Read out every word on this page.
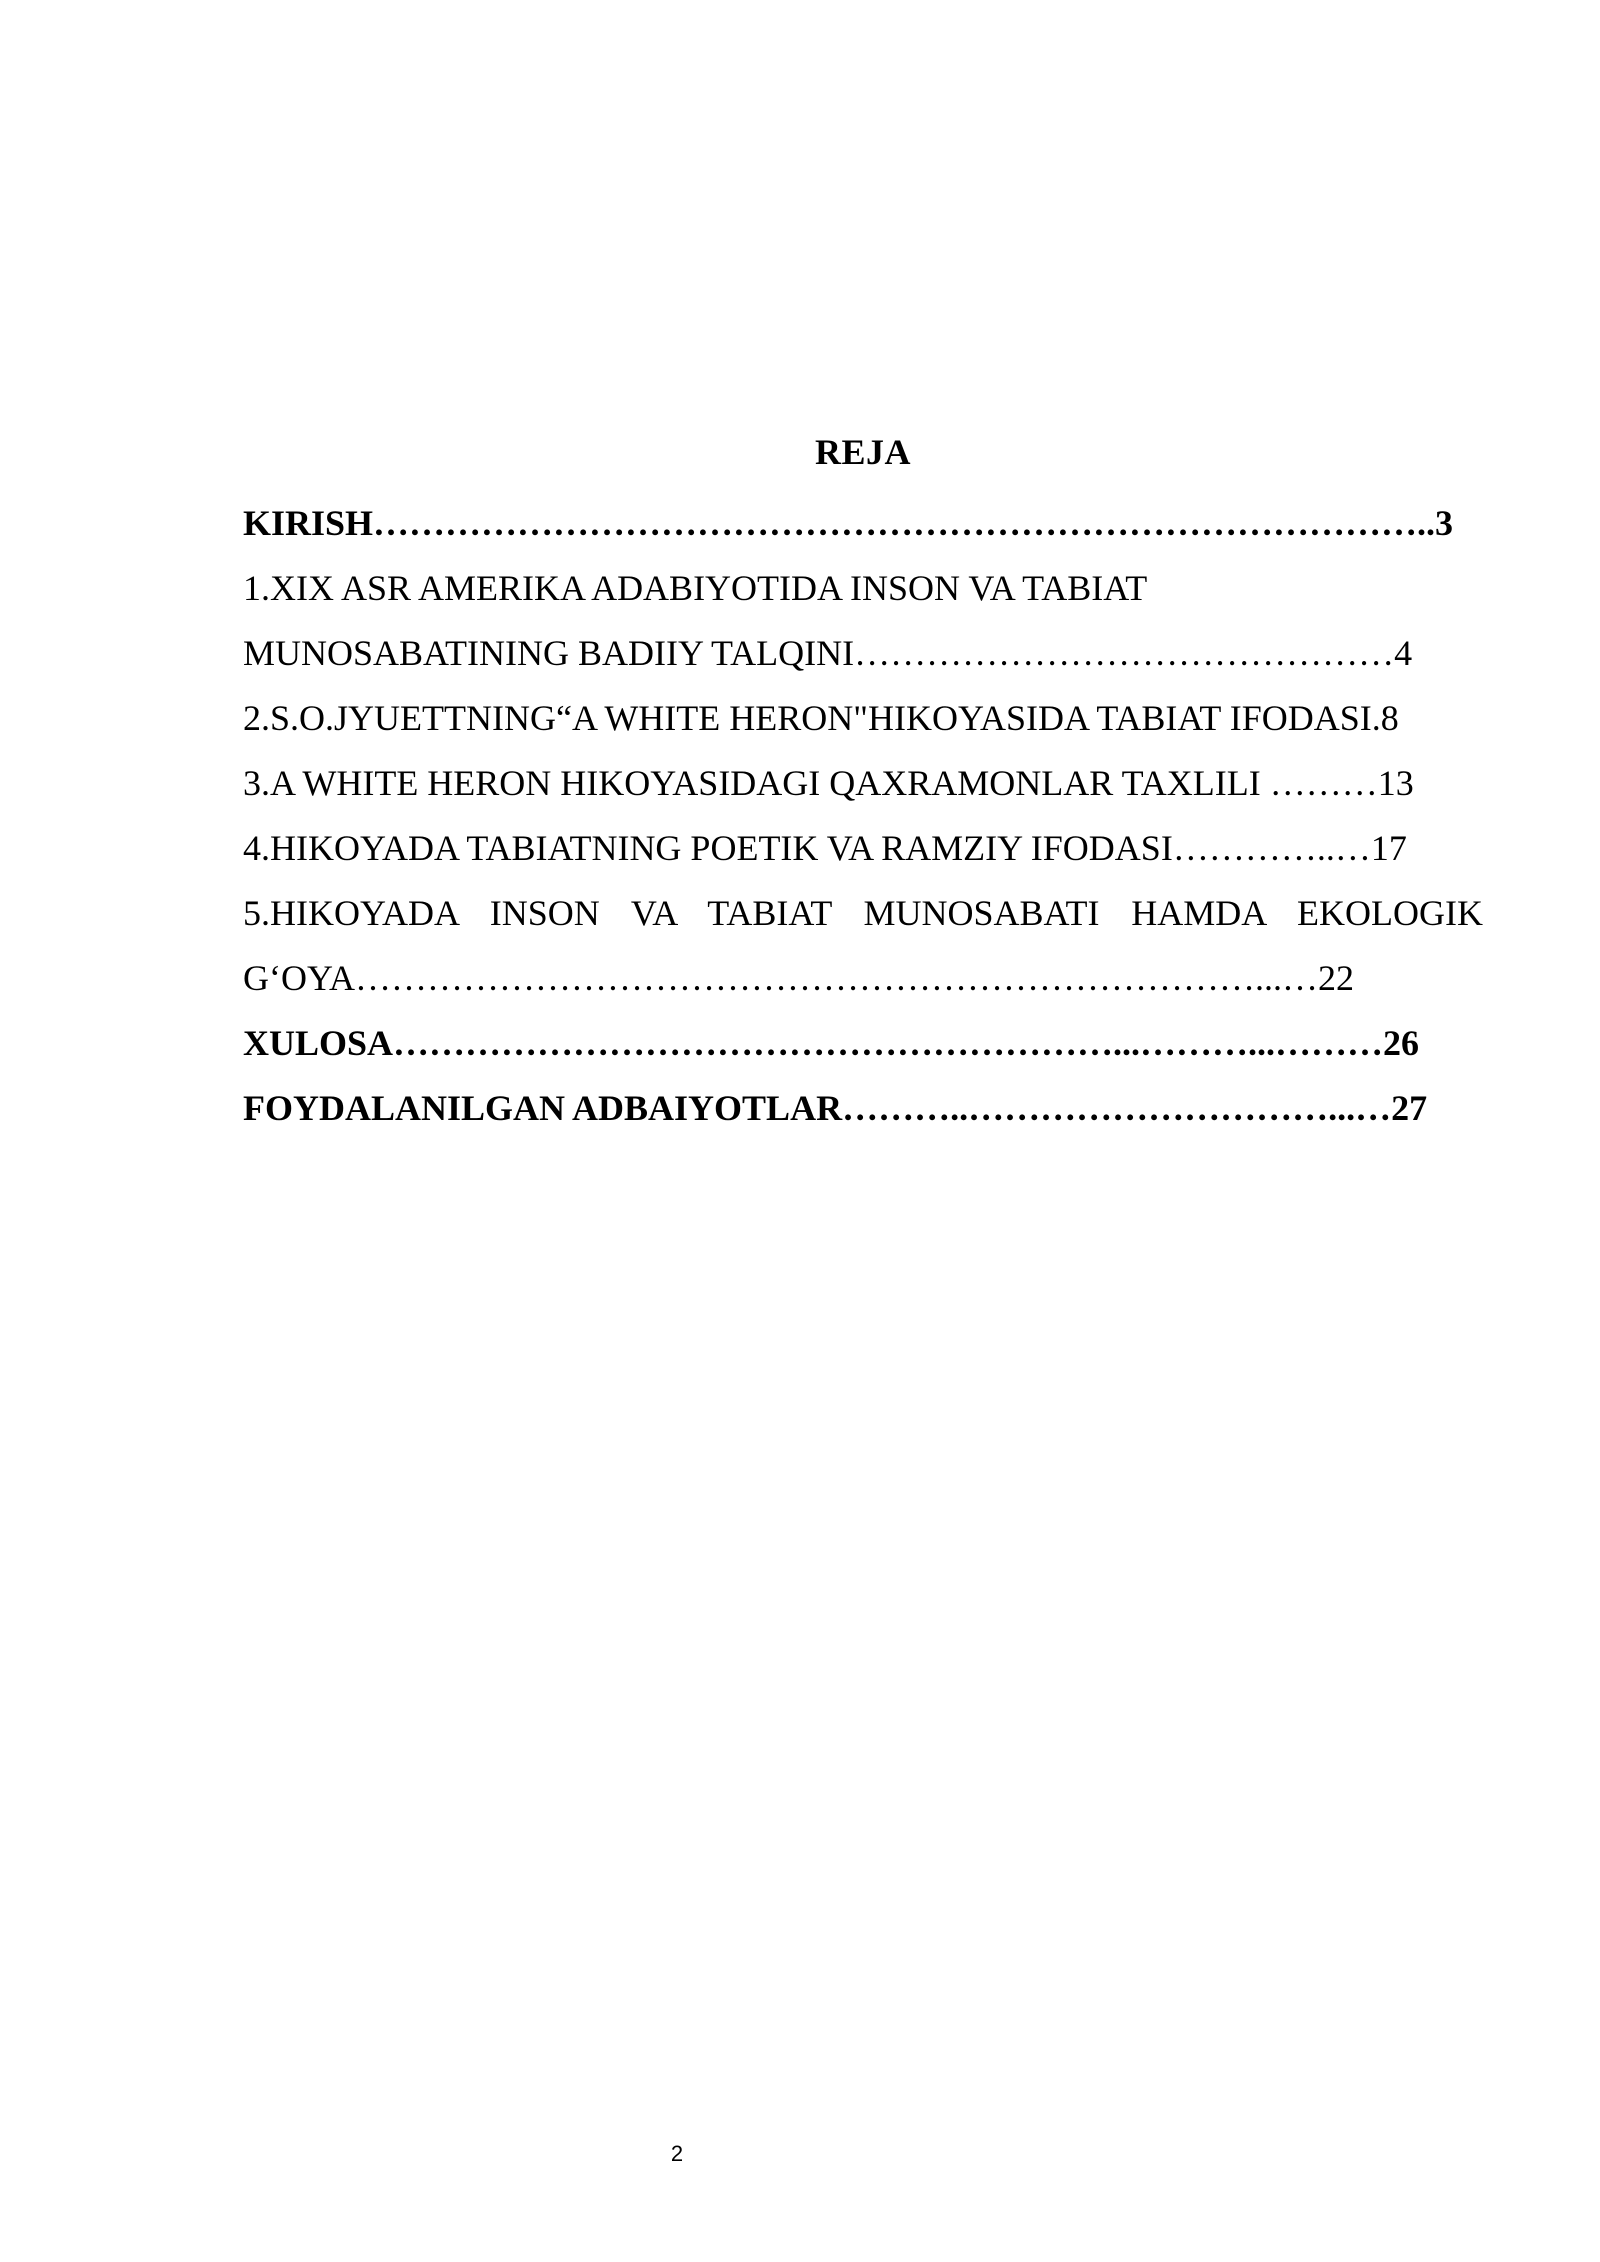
REJA
KIRISH……………………………………………………………………………..3
1.XIX ASR AMERIKA ADABIYOTIDA INSON VA TABIAT
MUNOSABATINING BADIIY TALQINI………………………………………4
2.S.O.JYUETTNING“A WHITE HERON"HIKOYASIDA TABIAT IFODASI.8
3.A WHITE HERON HIKOYASIDAGI QAXRAMONLAR TAXLILI ………13
4.HIKOYADA TABIATNING POETIK VA RAMZIY IFODASI…………..…17
5.HIKOYADA INSON VA TABIAT MUNOSABATI HAMDA EKOLOGIK
G‘OYA…………………………………………………………………...…22
XULOSA……………………………………………………...………...………26
FOYDALANILGAN ADBAIYOTLAR………..…………………………...…27
2
